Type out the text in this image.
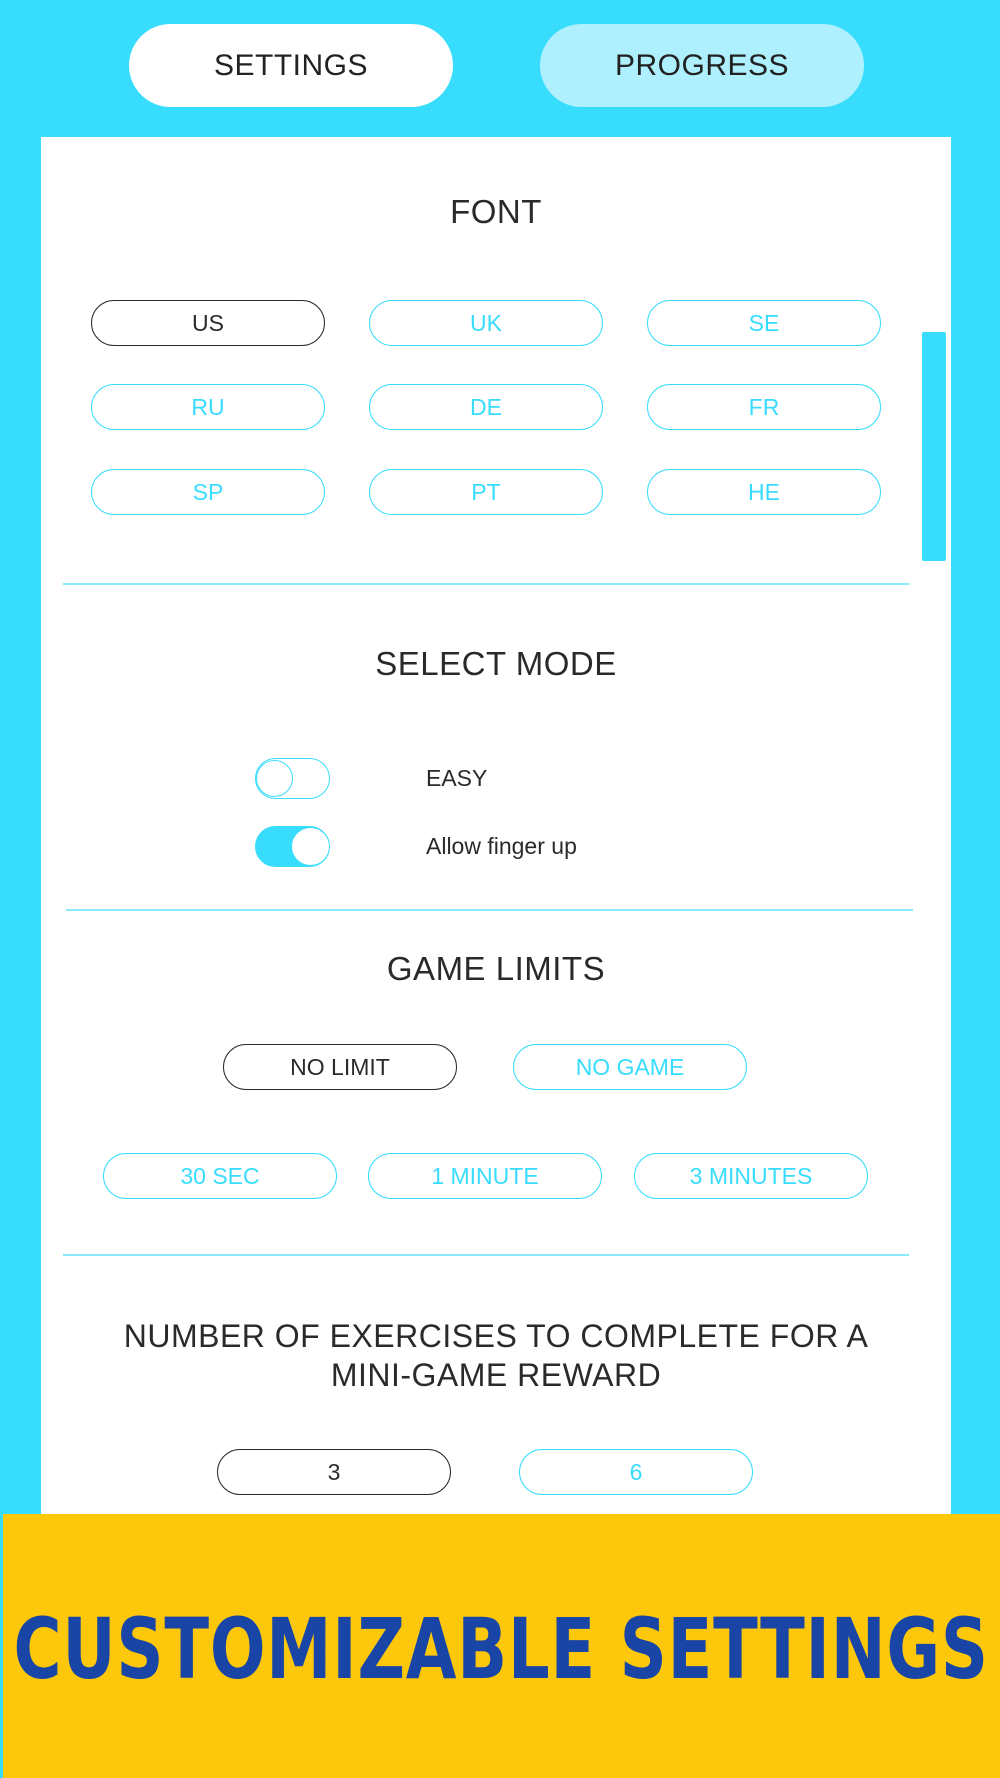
SETTINGS	PROGRESS
FONT
US	UK	SE
RU	DE	FR
SP	PT	HE
SELECT MODE
EASY
Allow finger up
GAME LIMITS
NO LIMIT	NO GAME
30 SEC	1 MINUTE	3 MINUTES
NUMBER OF EXERCISES TO COMPLETE FOR A MINI-GAME REWARD
3	6
CUSTOMIZABLE SETTINGS
